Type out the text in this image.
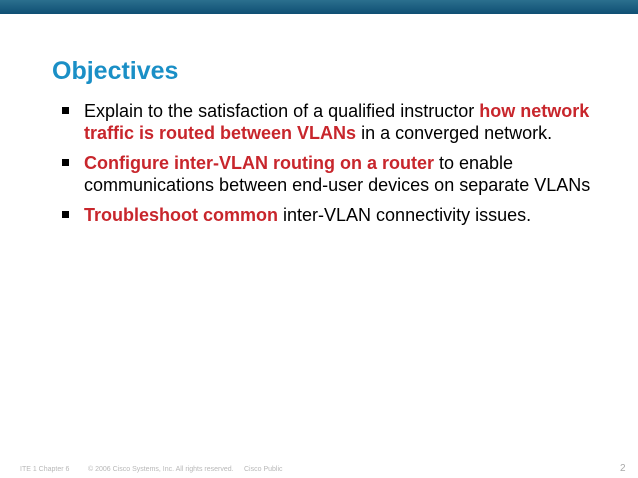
Objectives
Explain to the satisfaction of a qualified instructor how network traffic is routed between VLANs in a converged network.
Configure inter-VLAN routing on a router to enable communications between end-user devices on separate VLANs
Troubleshoot common inter-VLAN connectivity issues.
ITE 1 Chapter 6	© 2006 Cisco Systems, Inc. All rights reserved. Cisco Public	2
